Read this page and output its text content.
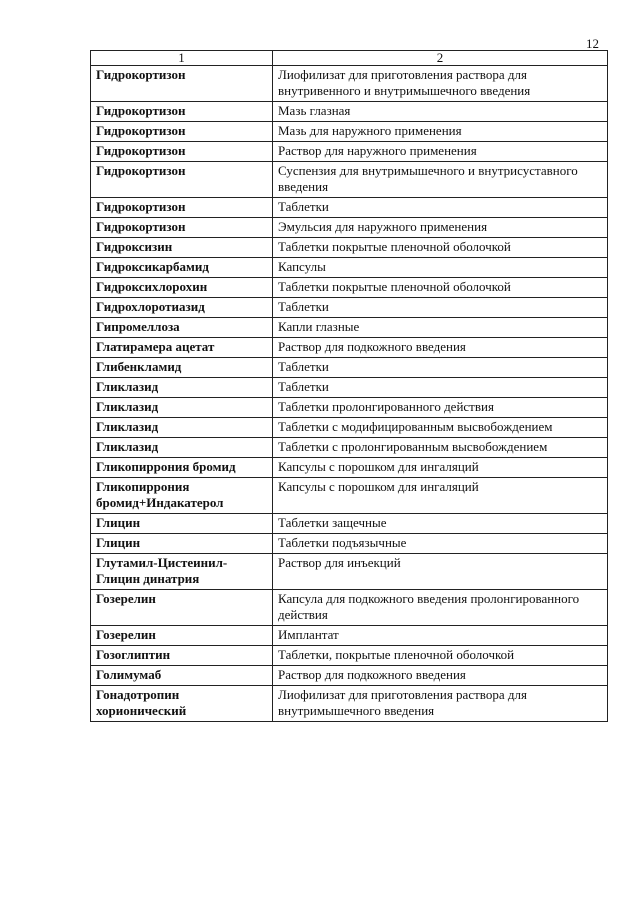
12
1	2
Гидрокортизон	Лиофилизат для приготовления раствора для внутривенного и внутримышечного введения
Гидрокортизон	Мазь глазная
Гидрокортизон	Мазь для наружного применения
Гидрокортизон	Раствор для наружного применения
Гидрокортизон	Суспензия для внутримышечного и внутрисуставного введения
Гидрокортизон	Таблетки
Гидрокортизон	Эмульсия для наружного применения
Гидроксизин	Таблетки покрытые пленочной оболочкой
Гидроксикарбамид	Капсулы
Гидроксихлорохин	Таблетки покрытые пленочной оболочкой
Гидрохлоротиазид	Таблетки
Гипромеллоза	Капли глазные
Глатирамера ацетат	Раствор для подкожного введения
Глибенкламид	Таблетки
Гликлазид	Таблетки
Гликлазид	Таблетки пролонгированного действия
Гликлазид	Таблетки с модифицированным высвобождением
Гликлазид	Таблетки с пролонгированным высвобождением
Гликопиррония бромид	Капсулы с порошком для ингаляций
Гликопиррония бромид+Индакатерол	Капсулы с порошком для ингаляций
Глицин	Таблетки защечные
Глицин	Таблетки подъязычные
Глутамил-Цистеинил-Глицин динатрия	Раствор для инъекций
Гозерелин	Капсула для подкожного введения пролонгированного действия
Гозерелин	Имплантат
Гозоглиптин	Таблетки, покрытые пленочной оболочкой
Голимумаб	Раствор для подкожного введения
Гонадотропин хорионический	Лиофилизат для приготовления раствора для внутримышечного введения
